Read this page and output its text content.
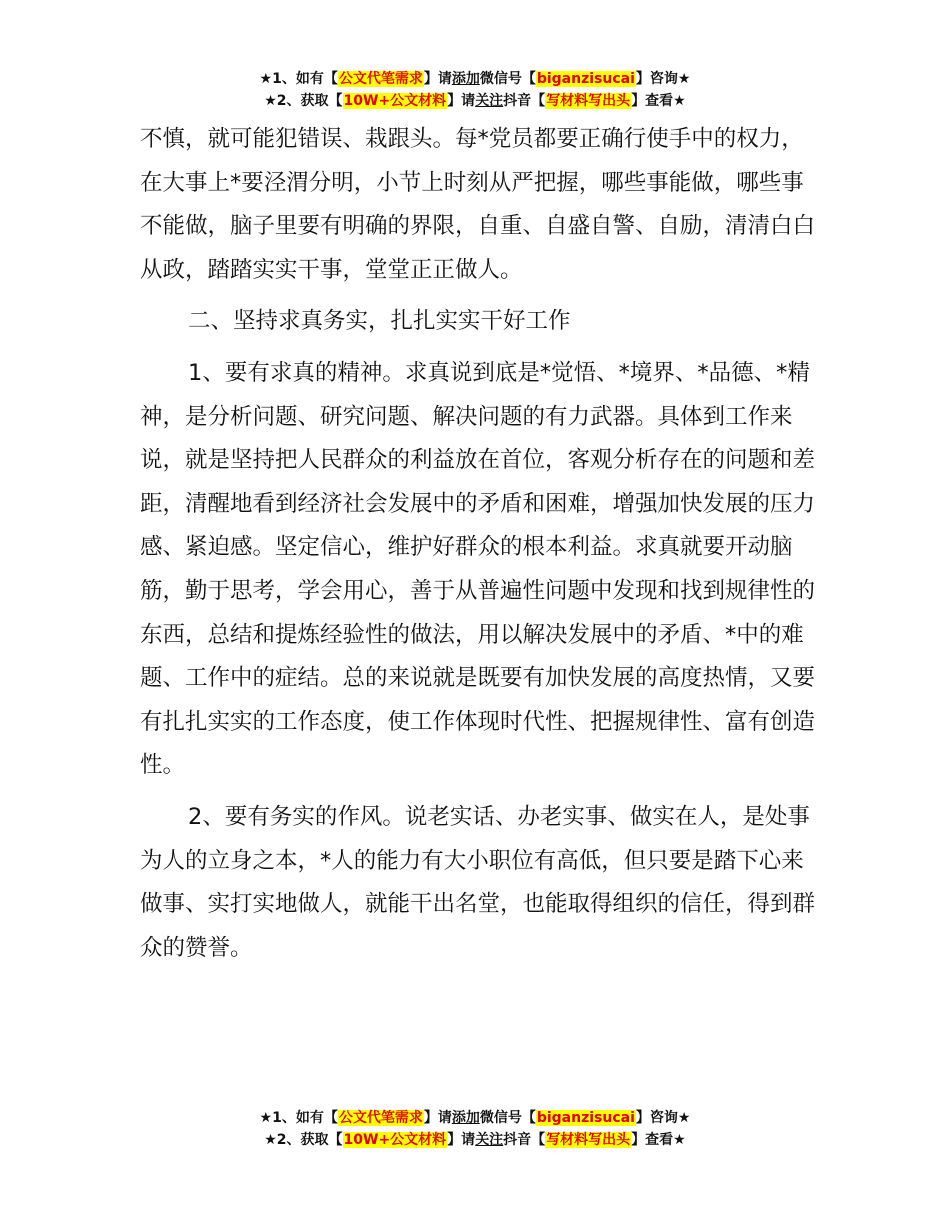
★1、如有【公文代笔需求】请添加微信号【biganzisucai】咨询★
★2、获取【10W+公文材料】请关注抖音【写材料写出头】查看★

不慎，就可能犯错误、栽跟头。每*党员都要正确行使手中的权力，在大事上*要泾渭分明，小节上时刻从严把握，哪些事能做，哪些事不能做，脑子里要有明确的界限，自重、自盛自警、自励，清清白白从政，踏踏实实干事，堂堂正正做人。

二、坚持求真务实，扎扎实实干好工作

1、要有求真的精神。求真说到底是*觉悟、*境界、*品德、*精神，是分析问题、研究问题、解决问题的有力武器。具体到工作来说，就是坚持把人民群众的利益放在首位，客观分析存在的问题和差距，清醒地看到经济社会发展中的矛盾和困难，增强加快发展的压力感、紧迫感。坚定信心，维护好群众的根本利益。求真就要开动脑筋，勤于思考，学会用心，善于从普遍性问题中发现和找到规律性的东西，总结和提炼经验性的做法，用以解决发展中的矛盾、*中的难题、工作中的症结。总的来说就是既要有加快发展的高度热情，又要有扎扎实实的工作态度，使工作体现时代性、把握规律性、富有创造性。

2、要有务实的作风。说老实话、办老实事、做实在人，是处事为人的立身之本，*人的能力有大小职位有高低，但只要是踏下心来做事、实打实地做人，就能干出名堂，也能取得组织的信任，得到群众的赞誉。

★1、如有【公文代笔需求】请添加微信号【biganzisucai】咨询★
★2、获取【10W+公文材料】请关注抖音【写材料写出头】查看★
